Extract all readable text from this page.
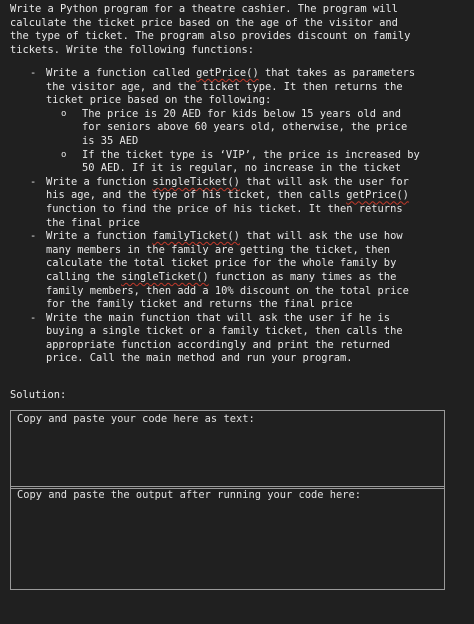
Write a Python program for a theatre cashier. The program will
calculate the ticket price based on the age of the visitor and
the type of ticket. The program also provides discount on family
tickets. Write the following functions:
- Write a function called getPrice() that takes as parameters
the visitor age, and the ticket type. It then returns the
ticket price based on the following:
o The price is 20 AED for kids below 15 years old and
for seniors above 60 years old, otherwise, the price
is 35 AED
o If the ticket type is ‘VIP’, the price is increased by
50 AED. If it is regular, no increase in the ticket
- Write a function singleTicket() that will ask the user for
his age, and the type of his ticket, then calls getPrice()
function to find the price of his ticket. It then returns
the final price
- Write a function familyTicket() that will ask the use how
many members in the family are getting the ticket, then
calculate the total ticket price for the whole family by
calling the singleTicket() function as many times as the
family members, then add a 10% discount on the total price
for the family ticket and returns the final price
- Write the main function that will ask the user if he is
buying a single ticket or a family ticket, then calls the
appropriate function accordingly and print the returned
price. Call the main method and run your program.
Solution:
Copy and paste your code here as text:
Copy and paste the output after running your code here:
